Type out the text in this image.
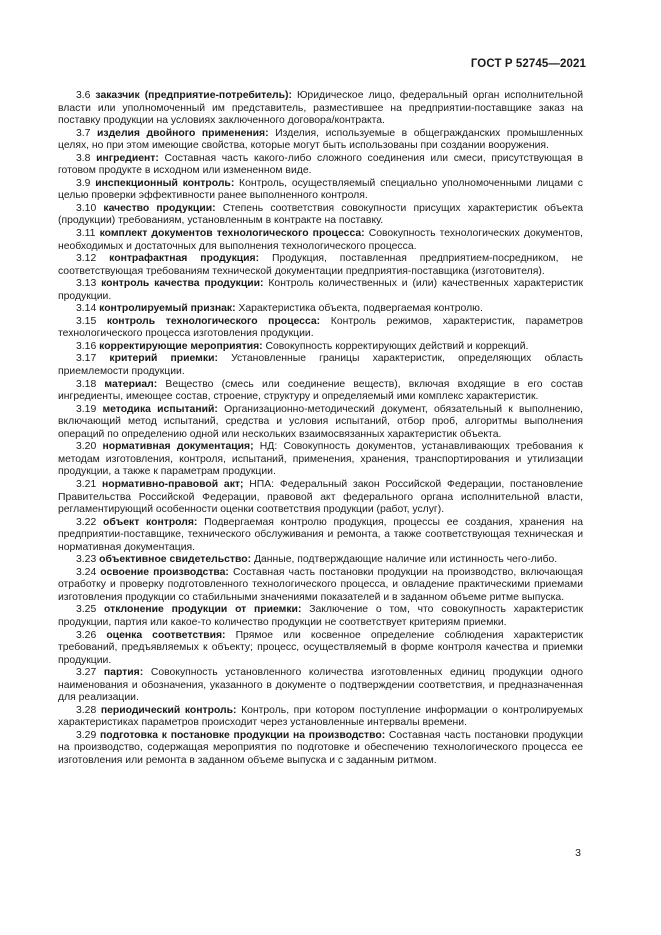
ГОСТ Р 52745—2021

3.6 заказчик (предприятие-потребитель): Юридическое лицо, федеральный орган исполнительной власти или уполномоченный им представитель, разместившее на предприятии-поставщике заказ на поставку продукции на условиях заключенного договора/контракта.

3.7 изделия двойного применения: Изделия, используемые в общегражданских промышленных целях, но при этом имеющие свойства, которые могут быть использованы при создании вооружения.

3.8 ингредиент: Составная часть какого-либо сложного соединения или смеси, присутствующая в готовом продукте в исходном или измененном виде.

3.9 инспекционный контроль: Контроль, осуществляемый специально уполномоченными лицами с целью проверки эффективности ранее выполненного контроля.

3.10 качество продукции: Степень соответствия совокупности присущих характеристик объекта (продукции) требованиям, установленным в контракте на поставку.

3.11 комплект документов технологического процесса: Совокупность технологических документов, необходимых и достаточных для выполнения технологического процесса.

3.12 контрафактная продукция: Продукция, поставленная предприятием-посредником, не соответствующая требованиям технической документации предприятия-поставщика (изготовителя).

3.13 контроль качества продукции: Контроль количественных и (или) качественных характеристик продукции.

3.14 контролируемый признак: Характеристика объекта, подвергаемая контролю.

3.15 контроль технологического процесса: Контроль режимов, характеристик, параметров технологического процесса изготовления продукции.

3.16 корректирующие мероприятия: Совокупность корректирующих действий и коррекций.

3.17 критерий приемки: Установленные границы характеристик, определяющих область приемлемости продукции.

3.18 материал: Вещество (смесь или соединение веществ), включая входящие в его состав ингредиенты, имеющее состав, строение, структуру и определяемый ими комплекс характеристик.

3.19 методика испытаний: Организационно-методический документ, обязательный к выполнению, включающий метод испытаний, средства и условия испытаний, отбор проб, алгоритмы выполнения операций по определению одной или нескольких взаимосвязанных характеристик объекта.

3.20 нормативная документация; НД: Совокупность документов, устанавливающих требования к методам изготовления, контроля, испытаний, применения, хранения, транспортирования и утилизации продукции, а также к параметрам продукции.

3.21 нормативно-правовой акт; НПА: Федеральный закон Российской Федерации, постановление Правительства Российской Федерации, правовой акт федерального органа исполнительной власти, регламентирующий особенности оценки соответствия продукции (работ, услуг).

3.22 объект контроля: Подвергаемая контролю продукция, процессы ее создания, хранения на предприятии-поставщике, технического обслуживания и ремонта, а также соответствующая техническая и нормативная документация.

3.23 объективное свидетельство: Данные, подтверждающие наличие или истинность чего-либо.

3.24 освоение производства: Составная часть постановки продукции на производство, включающая отработку и проверку подготовленного технологического процесса, и овладение практическими приемами изготовления продукции со стабильными значениями показателей и в заданном объеме ритме выпуска.

3.25 отклонение продукции от приемки: Заключение о том, что совокупность характеристик продукции, партия или какое-то количество продукции не соответствует критериям приемки.

3.26 оценка соответствия: Прямое или косвенное определение соблюдения характеристик требований, предъявляемых к объекту; процесс, осуществляемый в форме контроля качества и приемки продукции.

3.27 партия: Совокупность установленного количества изготовленных единиц продукции одного наименования и обозначения, указанного в документе о подтверждении соответствия, и предназначенная для реализации.

3.28 периодический контроль: Контроль, при котором поступление информации о контролируемых характеристиках параметров происходит через установленные интервалы времени.

3.29 подготовка к постановке продукции на производство: Составная часть постановки продукции на производство, содержащая мероприятия по подготовке и обеспечению технологического процесса ее изготовления или ремонта в заданном объеме выпуска и с заданным ритмом.

3
